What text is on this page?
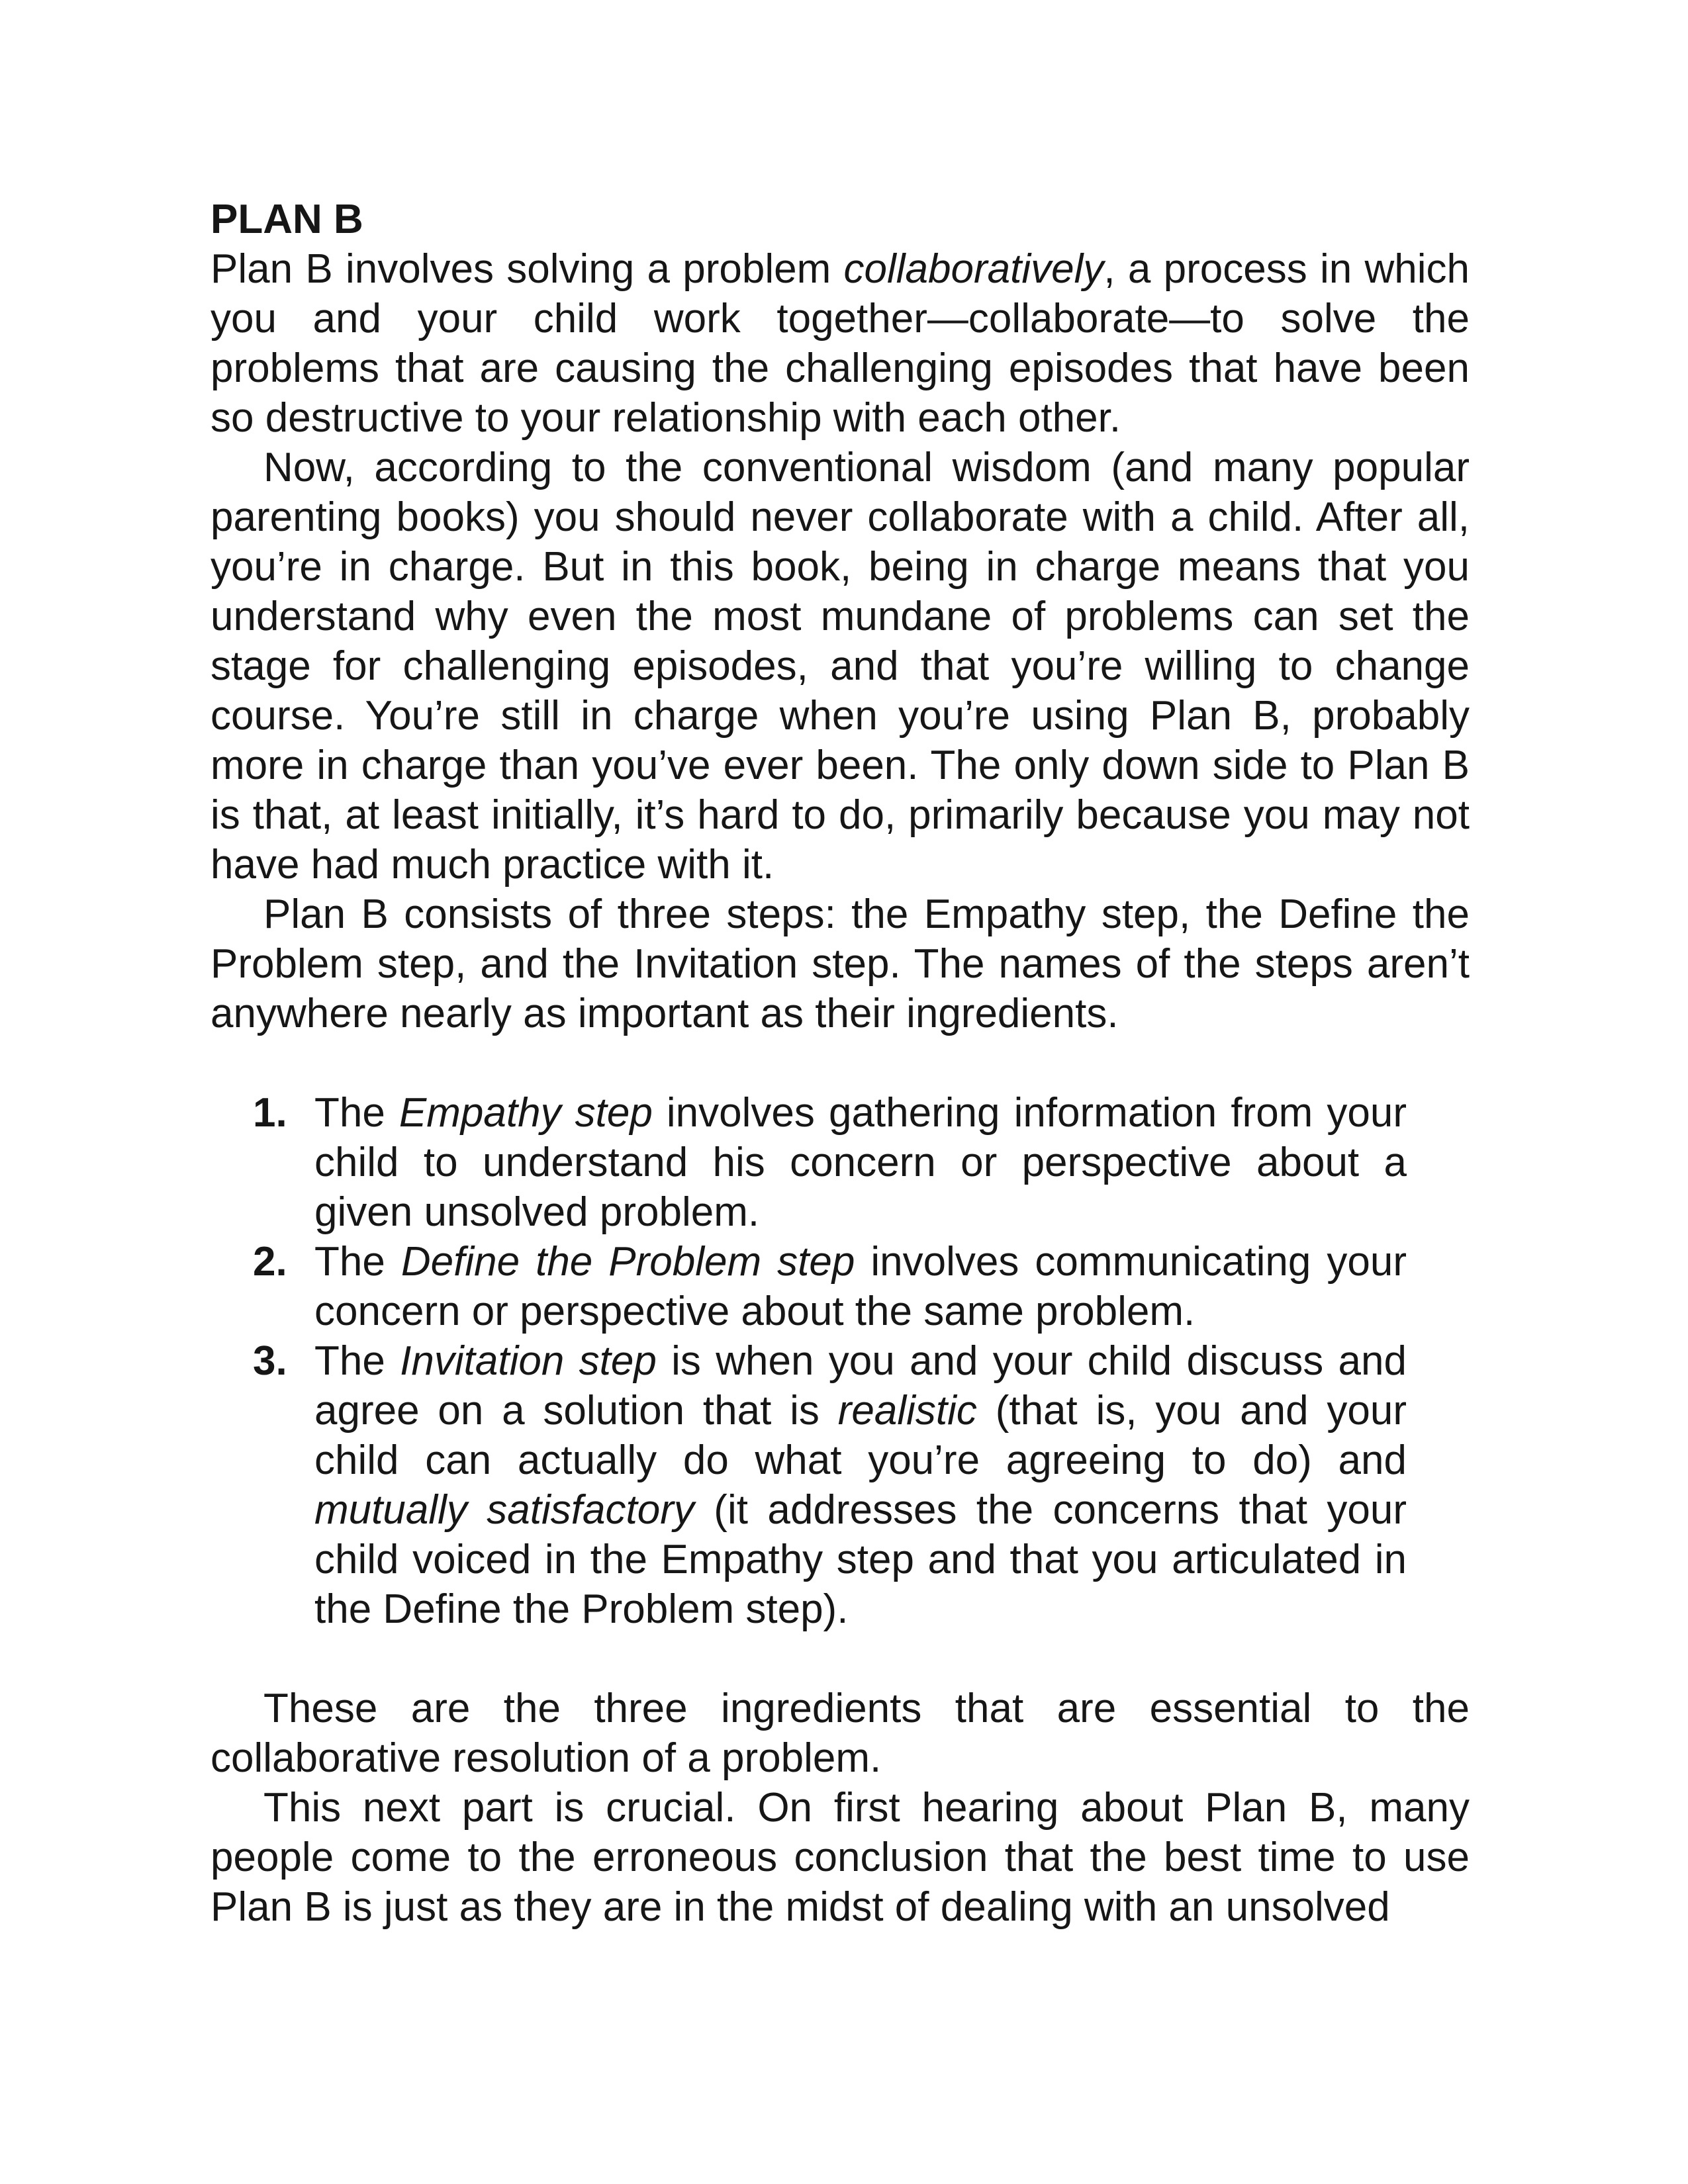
PLAN B

Plan B involves solving a problem collaboratively, a process in which you and your child work together—collaborate—to solve the problems that are causing the challenging episodes that have been so destructive to your relationship with each other.

Now, according to the conventional wisdom (and many popular parenting books) you should never collaborate with a child. After all, you’re in charge. But in this book, being in charge means that you understand why even the most mundane of problems can set the stage for challenging episodes, and that you’re willing to change course. You’re still in charge when you’re using Plan B, probably more in charge than you’ve ever been. The only down side to Plan B is that, at least initially, it’s hard to do, primarily because you may not have had much practice with it.

Plan B consists of three steps: the Empathy step, the Define the Problem step, and the Invitation step. The names of the steps aren’t anywhere nearly as important as their ingredients.

1. The Empathy step involves gathering information from your child to understand his concern or perspective about a given unsolved problem.
2. The Define the Problem step involves communicating your concern or perspective about the same problem.
3. The Invitation step is when you and your child discuss and agree on a solution that is realistic (that is, you and your child can actually do what you’re agreeing to do) and mutually satisfactory (it addresses the concerns that your child voiced in the Empathy step and that you articulated in the Define the Problem step).

These are the three ingredients that are essential to the collaborative resolution of a problem.

This next part is crucial. On first hearing about Plan B, many people come to the erroneous conclusion that the best time to use Plan B is just as they are in the midst of dealing with an unsolved
